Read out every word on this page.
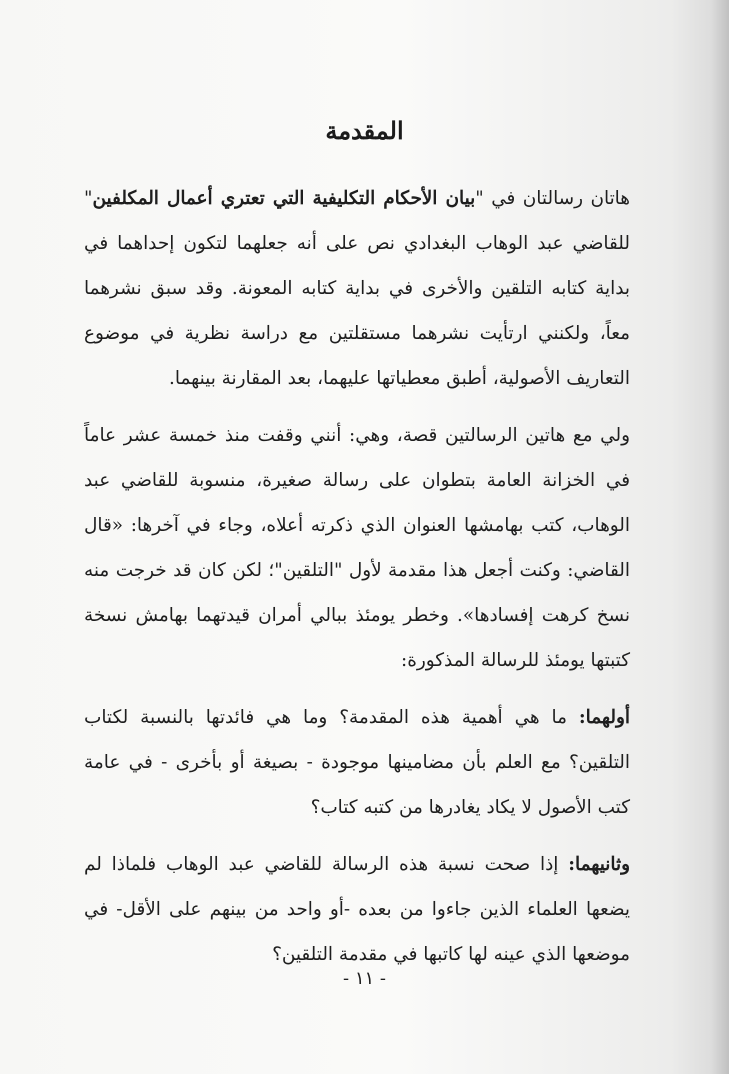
المقدمة

هاتان رسالتان في "بيان الأحكام التكليفية التي تعتري أعمال المكلفين" للقاضي عبد الوهاب البغدادي نص على أنه جعلهما لتكون إحداهما في بداية كتابه التلقين والأخرى في بداية كتابه المعونة. وقد سبق نشرهما معاً، ولكنني ارتأيت نشرهما مستقلتين مع دراسة نظرية في موضوع التعاريف الأصولية، أطبق معطياتها عليهما، بعد المقارنة بينهما.

ولي مع هاتين الرسالتين قصة، وهي: أنني وقفت منذ خمسة عشر عاماً في الخزانة العامة بتطوان على رسالة صغيرة، منسوبة للقاضي عبد الوهاب، كتب بهامشها العنوان الذي ذكرته أعلاه، وجاء في آخرها: «قال القاضي: وكنت أجعل هذا مقدمة لأول "التلقين"؛ لكن كان قد خرجت منه نسخ كرهت إفسادها». وخطر يومئذ ببالي أمران قيدتهما بهامش نسخة كتبتها يومئذ للرسالة المذكورة:

أولهما: ما هي أهمية هذه المقدمة؟ وما هي فائدتها بالنسبة لكتاب التلقين؟ مع العلم بأن مضامينها موجودة - بصيغة أو بأخرى - في عامة كتب الأصول لا يكاد يغادرها من كتبه كتاب؟

وثانيهما: إذا صحت نسبة هذه الرسالة للقاضي عبد الوهاب فلماذا لم يضعها العلماء الذين جاءوا من بعده -أو واحد من بينهم على الأقل- في موضعها الذي عينه لها كاتبها في مقدمة التلقين؟

- ١١ -
